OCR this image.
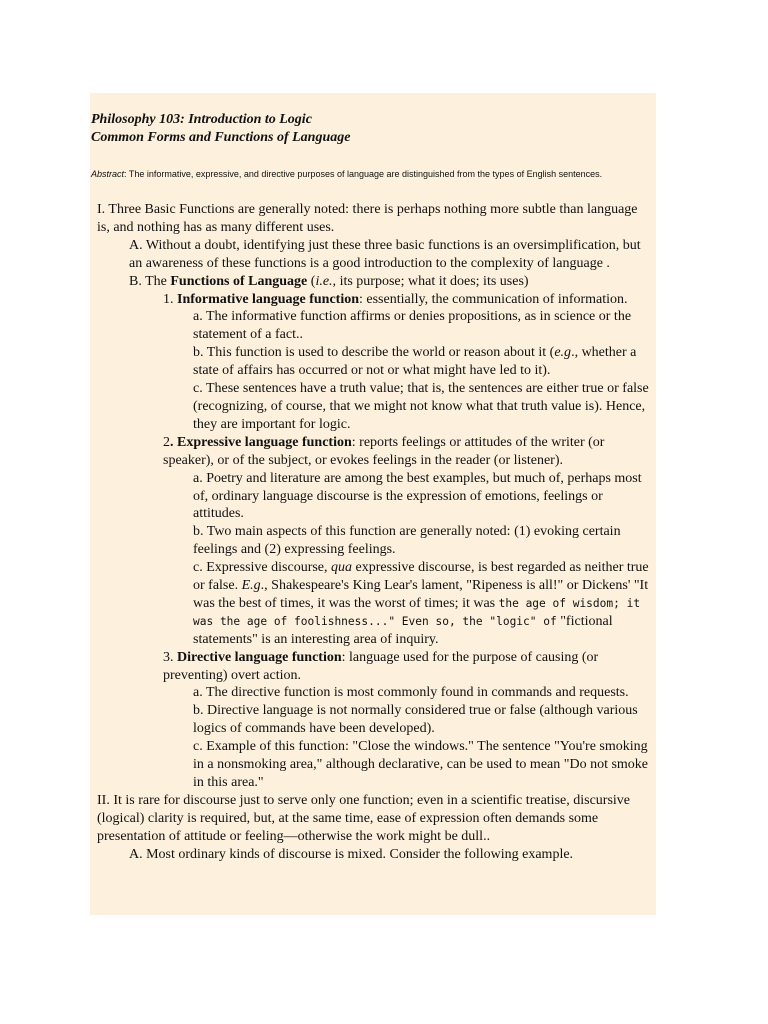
Philosophy 103: Introduction to Logic
Common Forms and Functions of Language
Abstract: The informative, expressive, and directive purposes of language are distinguished from the types of English sentences.

I. Three Basic Functions are generally noted: there is perhaps nothing more subtle than language is, and nothing has as many different uses.

A. Without a doubt, identifying just these three basic functions is an oversimplification, but an awareness of these functions is a good introduction to the complexity of language .

B. The Functions of Language (i.e., its purpose; what it does; its uses)

1. Informative language function: essentially, the communication of information.

a. The informative function affirms or denies propositions, as in science or the statement of a fact..

b. This function is used to describe the world or reason about it (e.g., whether a state of affairs has occurred or not or what might have led to it).

c. These sentences have a truth value; that is, the sentences are either true or false (recognizing, of course, that we might not know what that truth value is). Hence, they are important for logic.

2. Expressive language function: reports feelings or attitudes of the writer (or speaker), or of the subject, or evokes feelings in the reader (or listener).

a. Poetry and literature are among the best examples, but much of, perhaps most of, ordinary language discourse is the expression of emotions, feelings or attitudes.

b. Two main aspects of this function are generally noted: (1) evoking certain feelings and (2) expressing feelings.

c. Expressive discourse, qua expressive discourse, is best regarded as neither true or false. E.g., Shakespeare's King Lear's lament, "Ripeness is all!" or Dickens' "It was the best of times, it was the worst of times; it was the age of wisdom; it was the age of foolishness..." Even so, the "logic" of "fictional statements" is an interesting area of inquiry.

3. Directive language function: language used for the purpose of causing (or preventing) overt action.

a. The directive function is most commonly found in commands and requests.

b. Directive language is not normally considered true or false (although various logics of commands have been developed).

c. Example of this function: "Close the windows." The sentence "You're smoking in a nonsmoking area," although declarative, can be used to mean "Do not smoke in this area."

II. It is rare for discourse just to serve only one function; even in a scientific treatise, discursive (logical) clarity is required, but, at the same time, ease of expression often demands some presentation of attitude or feeling—otherwise the work might be dull..

A. Most ordinary kinds of discourse is mixed. Consider the following example.
